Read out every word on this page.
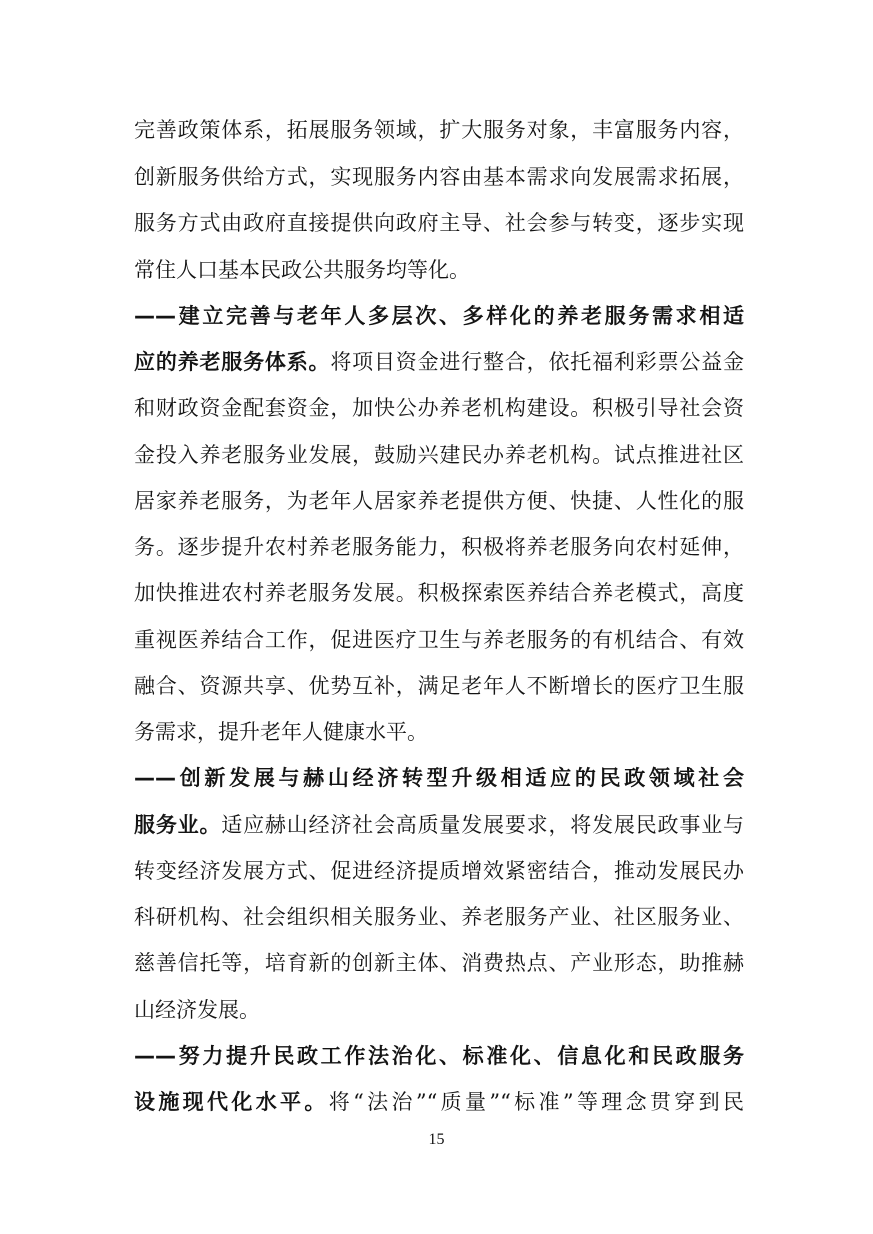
完善政策体系，拓展服务领域，扩大服务对象，丰富服务内容，
创新服务供给方式，实现服务内容由基本需求向发展需求拓展，
服务方式由政府直接提供向政府主导、社会参与转变，逐步实现
常住人口基本民政公共服务均等化。
——建立完善与老年人多层次、多样化的养老服务需求相适
应的养老服务体系。将项目资金进行整合，依托福利彩票公益金
和财政资金配套资金，加快公办养老机构建设。积极引导社会资
金投入养老服务业发展，鼓励兴建民办养老机构。试点推进社区
居家养老服务，为老年人居家养老提供方便、快捷、人性化的服
务。逐步提升农村养老服务能力，积极将养老服务向农村延伸，
加快推进农村养老服务发展。积极探索医养结合养老模式，高度
重视医养结合工作，促进医疗卫生与养老服务的有机结合、有效
融合、资源共享、优势互补，满足老年人不断增长的医疗卫生服
务需求，提升老年人健康水平。
——创新发展与赫山经济转型升级相适应的民政领域社会
服务业。适应赫山经济社会高质量发展要求，将发展民政事业与
转变经济发展方式、促进经济提质增效紧密结合，推动发展民办
科研机构、社会组织相关服务业、养老服务产业、社区服务业、
慈善信托等，培育新的创新主体、消费热点、产业形态，助推赫
山经济发展。
——努力提升民政工作法治化、标准化、信息化和民政服务
设施现代化水平。将“法治”“质量”“标准”等理念贯穿到民
15
